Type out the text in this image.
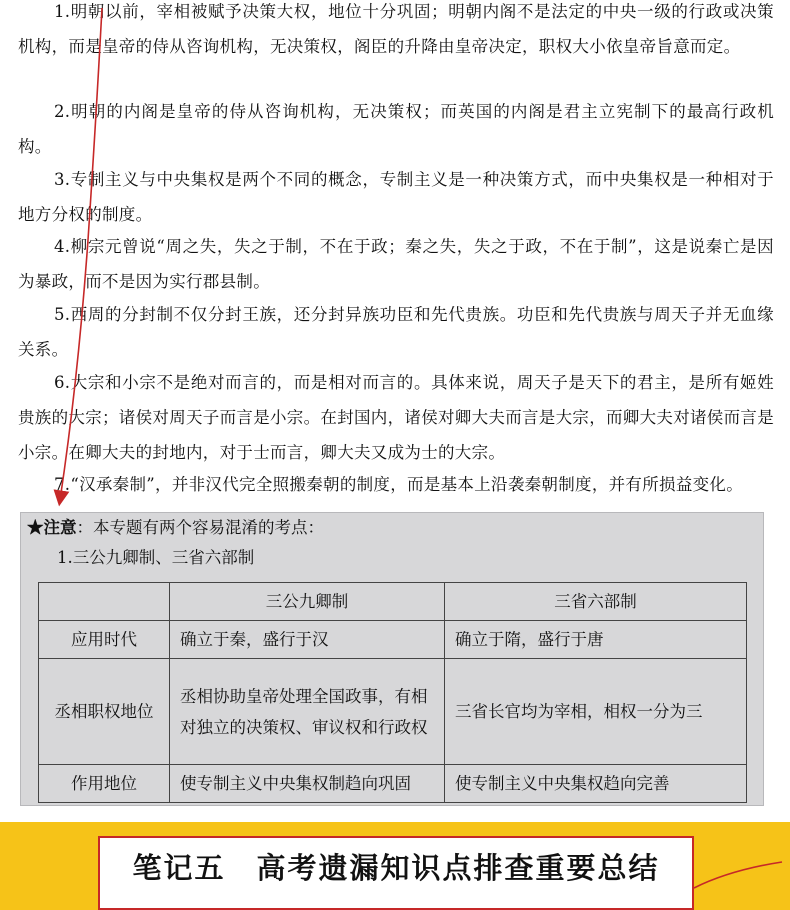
1.明朝以前，宰相被赋予决策大权，地位十分巩固；明朝内阁不是法定的中央一级的行政或决策机构，而是皇帝的侍从咨询机构，无决策权，阁臣的升降由皇帝决定，职权大小依皇帝旨意而定。
2.明朝的内阁是皇帝的侍从咨询机构，无决策权；而英国的内阁是君主立宪制下的最高行政机构。
3.专制主义与中央集权是两个不同的概念，专制主义是一种决策方式，而中央集权是一种相对于地方分权的制度。
4.柳宗元曾说“周之失，失之于制，不在于政；秦之失，失之于政，不在于制”，这是说秦亡是因为暴政，而不是因为实行郡县制。
5.西周的分封制不仅分封王族，还分封异族功臣和先代贵族。功臣和先代贵族与周天子并无血缘关系。
6.大宗和小宗不是绝对而言的，而是相对而言的。具体来说，周天子是天下的君主，是所有姬姓贵族的大宗；诸侯对周天子而言是小宗。在封国内，诸侯对卿大夫而言是大宗，而卿大夫对诸侯而言是小宗。在卿大夫的封地内，对于士而言，卿大夫又成为士的大宗。
7.“汉承秦制”，并非汉代完全照搬秦朝的制度，而是基本上沿袭秦朝制度，并有所损益变化。
★注意：本专题有两个容易混淆的考点：
1.三公九卿制、三省六部制
	三公九卿制	三省六部制
应用时代	确立于秦，盛行于汉	确立于隋，盛行于唐
丞相职权地位	丞相协助皇帝处理全国政事，有相对独立的决策权、审议权和行政权	三省长官均为宰相，相权一分为三
作用地位	使专制主义中央集权制趋向巩固	使专制主义中央集权趋向完善
笔记五　高考遗漏知识点排查重要总结
